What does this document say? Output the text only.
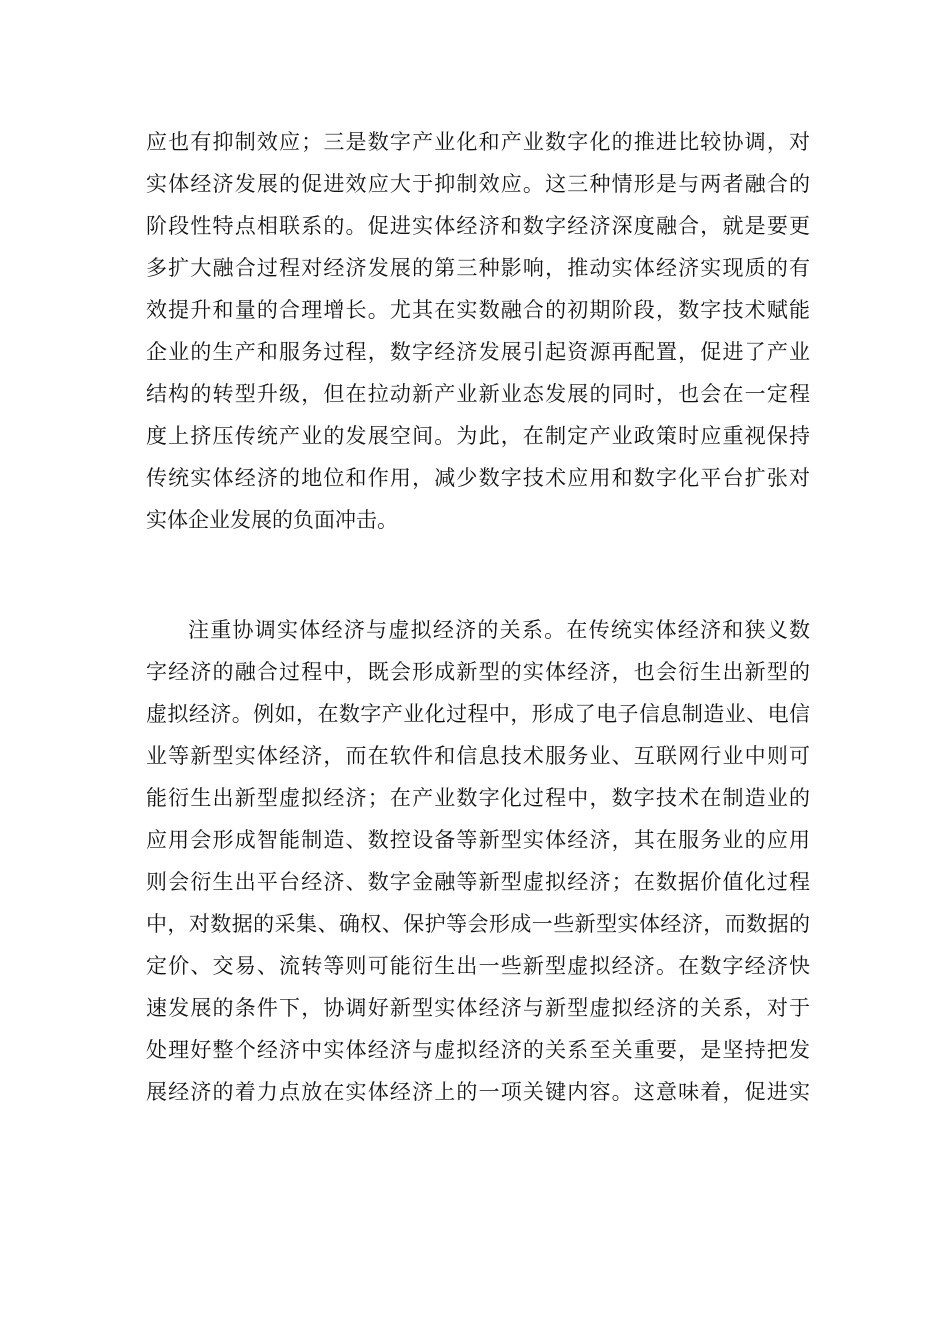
应也有抑制效应；三是数字产业化和产业数字化的推进比较协调，对
实体经济发展的促进效应大于抑制效应。这三种情形是与两者融合的
阶段性特点相联系的。促进实体经济和数字经济深度融合，就是要更
多扩大融合过程对经济发展的第三种影响，推动实体经济实现质的有
效提升和量的合理增长。尤其在实数融合的初期阶段，数字技术赋能
企业的生产和服务过程，数字经济发展引起资源再配置，促进了产业
结构的转型升级，但在拉动新产业新业态发展的同时，也会在一定程
度上挤压传统产业的发展空间。为此，在制定产业政策时应重视保持
传统实体经济的地位和作用，减少数字技术应用和数字化平台扩张对
实体企业发展的负面冲击。
注重协调实体经济与虚拟经济的关系。在传统实体经济和狭义数
字经济的融合过程中，既会形成新型的实体经济，也会衍生出新型的
虚拟经济。例如，在数字产业化过程中，形成了电子信息制造业、电信
业等新型实体经济，而在软件和信息技术服务业、互联网行业中则可
能衍生出新型虚拟经济；在产业数字化过程中，数字技术在制造业的
应用会形成智能制造、数控设备等新型实体经济，其在服务业的应用
则会衍生出平台经济、数字金融等新型虚拟经济；在数据价值化过程
中，对数据的采集、确权、保护等会形成一些新型实体经济，而数据的
定价、交易、流转等则可能衍生出一些新型虚拟经济。在数字经济快
速发展的条件下，协调好新型实体经济与新型虚拟经济的关系，对于
处理好整个经济中实体经济与虚拟经济的关系至关重要，是坚持把发
展经济的着力点放在实体经济上的一项关键内容。这意味着，促进实
